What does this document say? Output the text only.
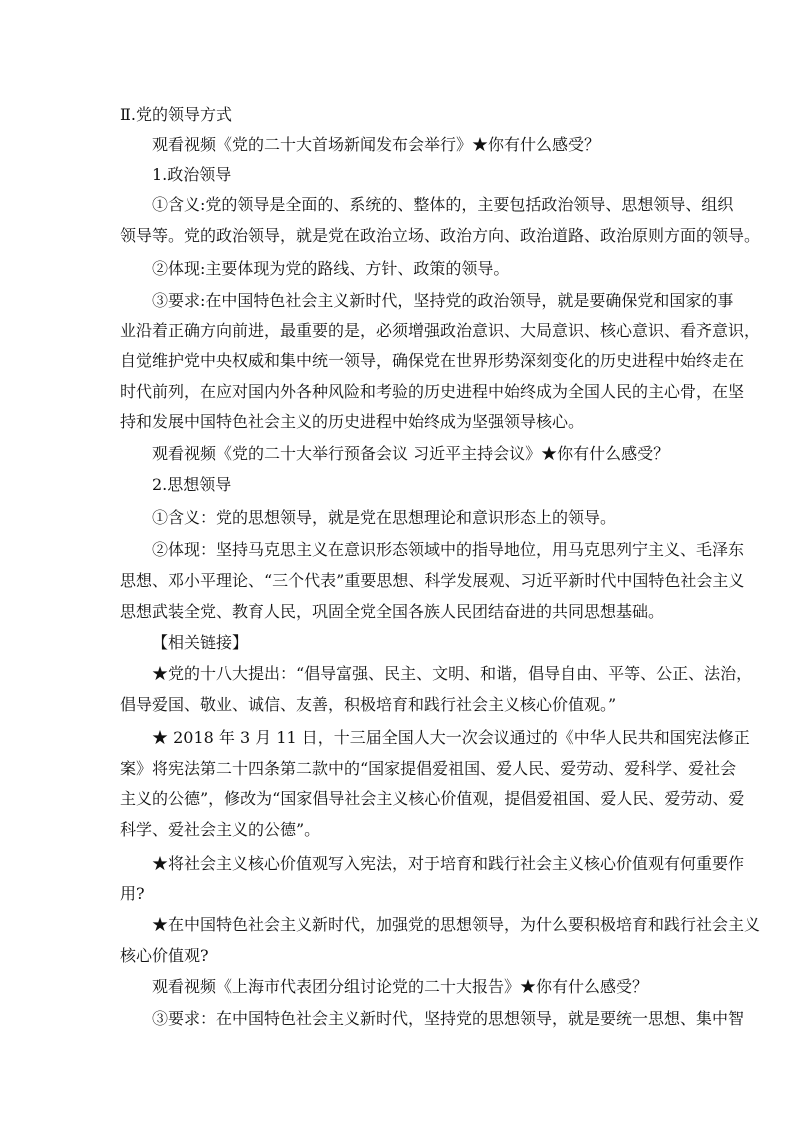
Ⅱ.党的领导方式
观看视频《党的二十大首场新闻发布会举行》★你有什么感受？
1.政治领导
①含义:党的领导是全面的、系统的、整体的，主要包括政治领导、思想领导、组织
领导等。党的政治领导，就是党在政治立场、政治方向、政治道路、政治原则方面的领导。
②体现:主要体现为党的路线、方针、政策的领导。
③要求:在中国特色社会主义新时代，坚持党的政治领导，就是要确保党和国家的事
业沿着正确方向前进，最重要的是，必须增强政治意识、大局意识、核心意识、看齐意识，
自觉维护党中央权威和集中统一领导，确保党在世界形势深刻变化的历史进程中始终走在
时代前列，在应对国内外各种风险和考验的历史进程中始终成为全国人民的主心骨，在坚
持和发展中国特色社会主义的历史进程中始终成为坚强领导核心。
观看视频《党的二十大举行预备会议 习近平主持会议》★你有什么感受？
2.思想领导
①含义：党的思想领导，就是党在思想理论和意识形态上的领导。
②体现：坚持马克思主义在意识形态领域中的指导地位，用马克思列宁主义、毛泽东
思想、邓小平理论、“三个代表”重要思想、科学发展观、习近平新时代中国特色社会主义
思想武装全党、教育人民，巩固全党全国各族人民团结奋进的共同思想基础。
【相关链接】
★党的十八大提出：“倡导富强、民主、文明、和谐，倡导自由、平等、公正、法治，
倡导爱国、敬业、诚信、友善，积极培育和践行社会主义核心价值观。”
★ 2018 年 3 月 11 日，十三届全国人大一次会议通过的《中华人民共和国宪法修正
案》将宪法第二十四条第二款中的“国家提倡爱祖国、爱人民、爱劳动、爱科学、爱社会
主义的公德”，修改为“国家倡导社会主义核心价值观，提倡爱祖国、爱人民、爱劳动、爱
科学、爱社会主义的公德”。
★将社会主义核心价值观写入宪法，对于培育和践行社会主义核心价值观有何重要作
用?
★在中国特色社会主义新时代，加强党的思想领导，为什么要积极培育和践行社会主义
核心价值观?
观看视频《上海市代表团分组讨论党的二十大报告》★你有什么感受？
③要求：在中国特色社会主义新时代，坚持党的思想领导，就是要统一思想、集中智
